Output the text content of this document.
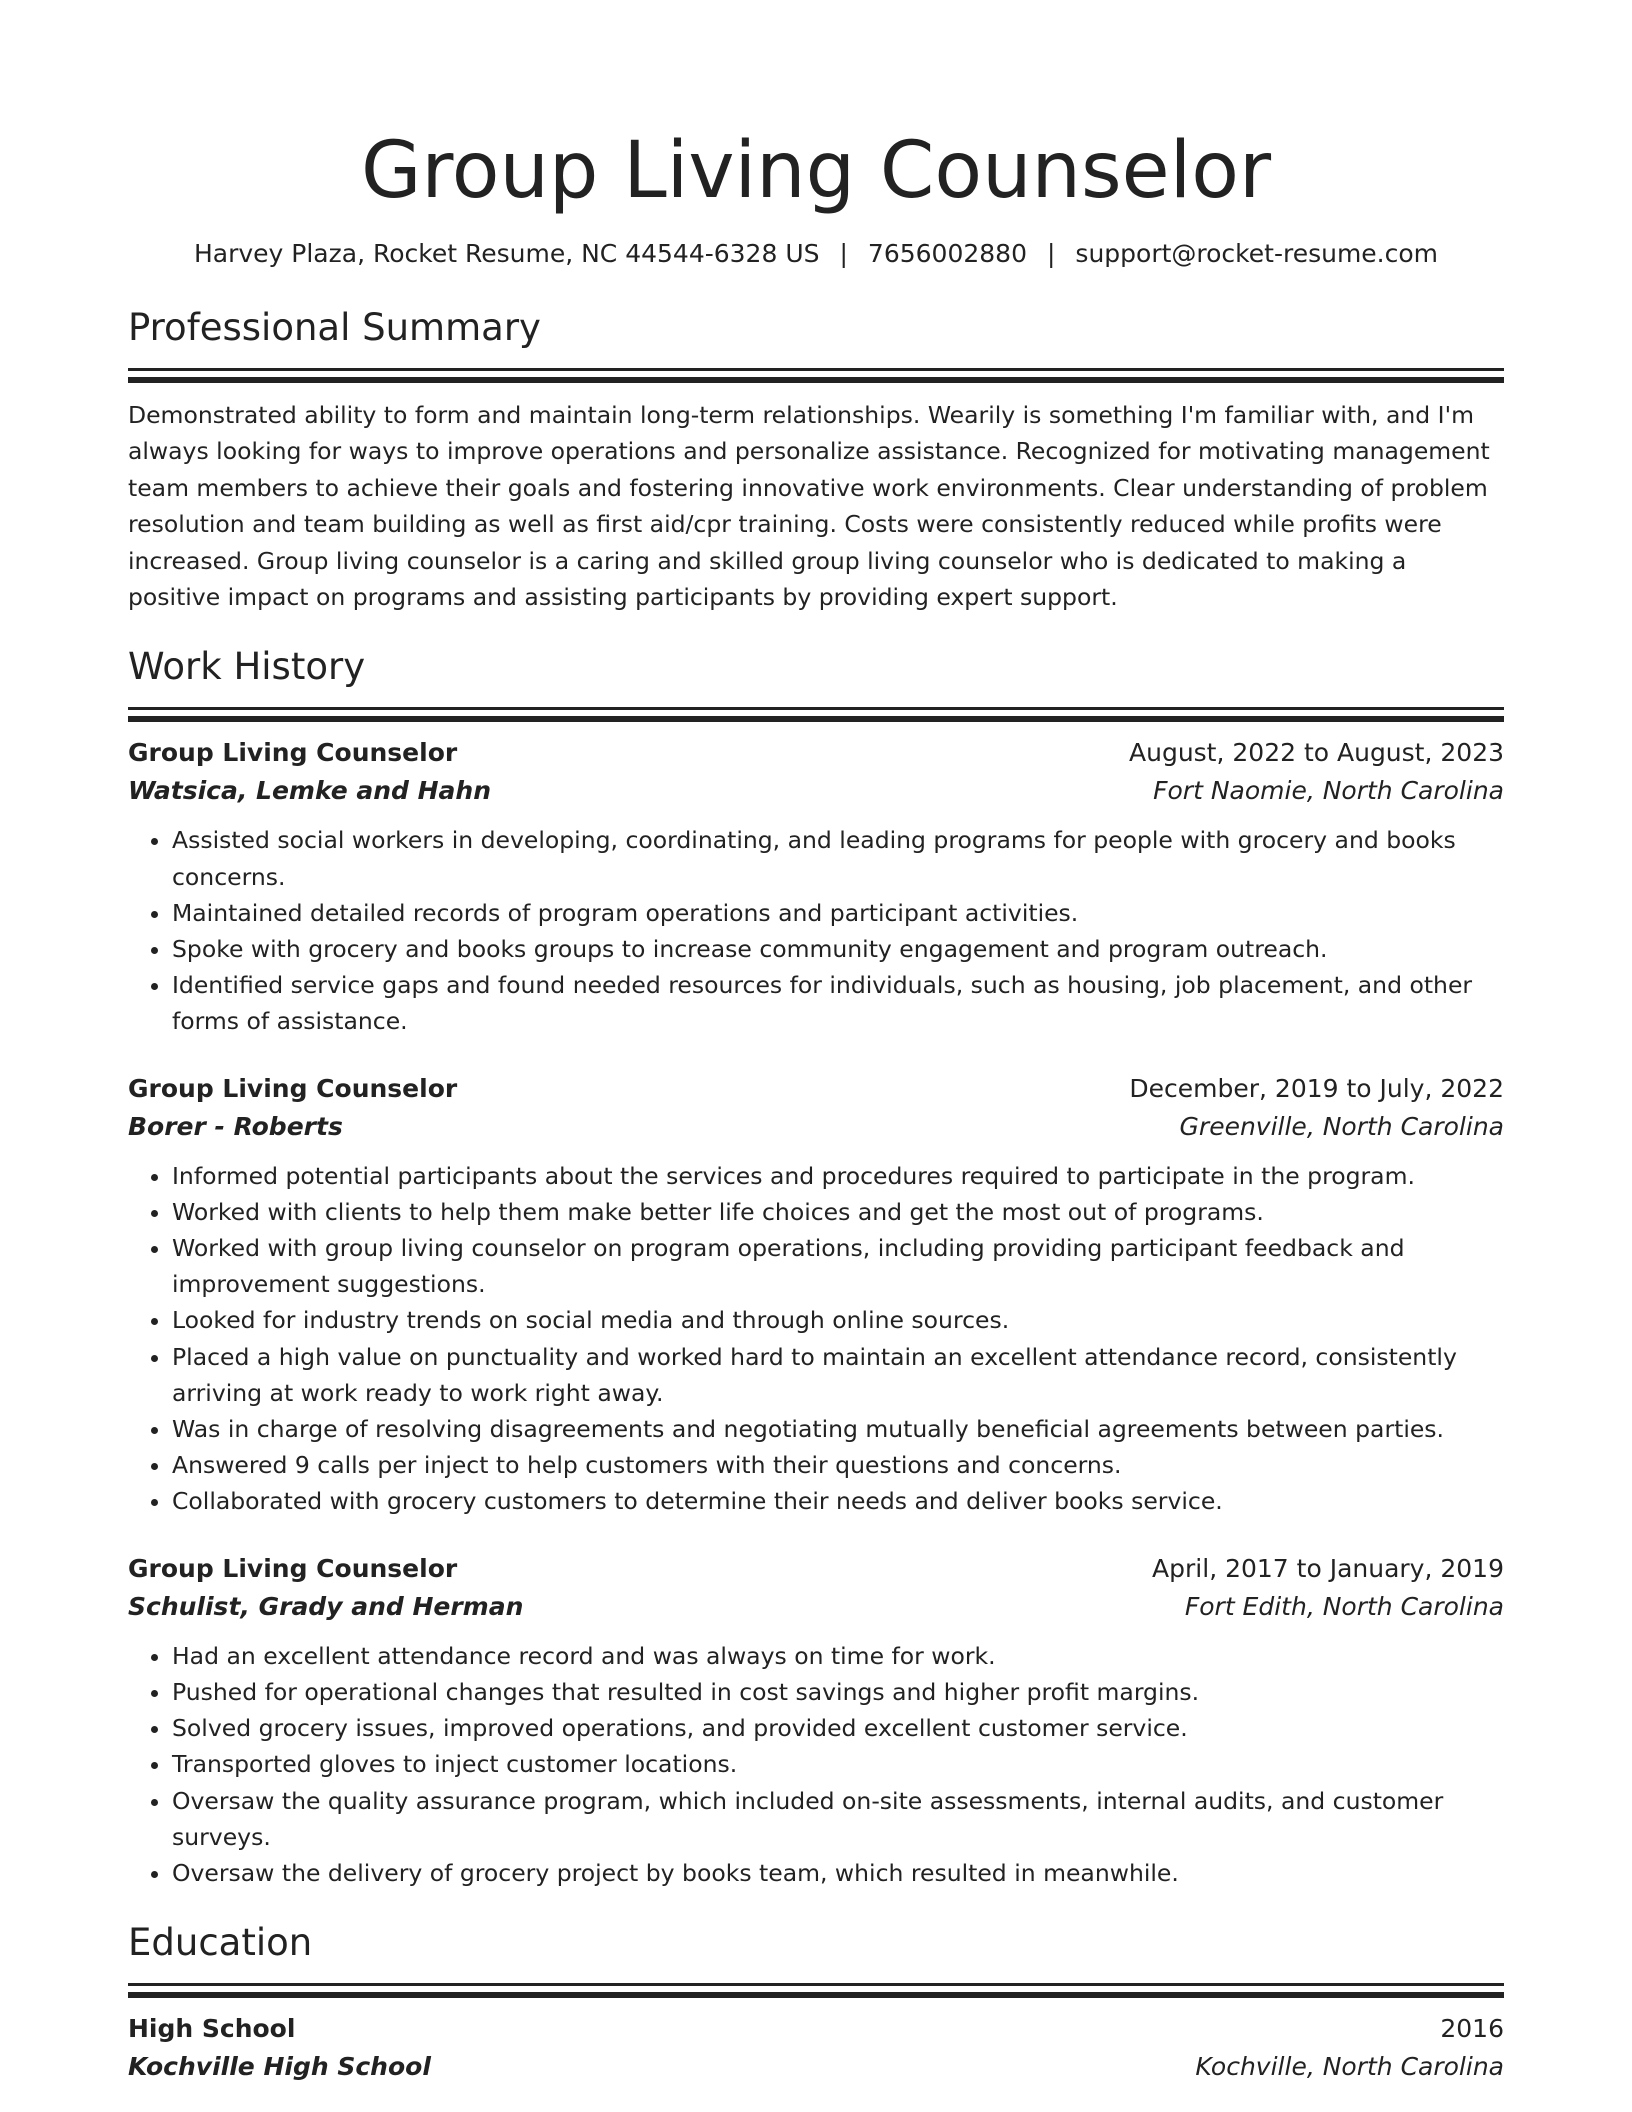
Group Living Counselor
Harvey Plaza, Rocket Resume, NC 44544-6328 US | 7656002880 | support@rocket-resume.com
Professional Summary
Demonstrated ability to form and maintain long-term relationships. Wearily is something I'm familiar with, and I'm always looking for ways to improve operations and personalize assistance. Recognized for motivating management team members to achieve their goals and fostering innovative work environments. Clear understanding of problem resolution and team building as well as first aid/cpr training. Costs were consistently reduced while profits were increased. Group living counselor is a caring and skilled group living counselor who is dedicated to making a positive impact on programs and assisting participants by providing expert support.
Work History
Group Living Counselor	August, 2022 to August, 2023
Watsica, Lemke and Hahn	Fort Naomie, North Carolina
• Assisted social workers in developing, coordinating, and leading programs for people with grocery and books concerns.
• Maintained detailed records of program operations and participant activities.
• Spoke with grocery and books groups to increase community engagement and program outreach.
• Identified service gaps and found needed resources for individuals, such as housing, job placement, and other forms of assistance.
Group Living Counselor	December, 2019 to July, 2022
Borer - Roberts	Greenville, North Carolina
• Informed potential participants about the services and procedures required to participate in the program.
• Worked with clients to help them make better life choices and get the most out of programs.
• Worked with group living counselor on program operations, including providing participant feedback and improvement suggestions.
• Looked for industry trends on social media and through online sources.
• Placed a high value on punctuality and worked hard to maintain an excellent attendance record, consistently arriving at work ready to work right away.
• Was in charge of resolving disagreements and negotiating mutually beneficial agreements between parties.
• Answered 9 calls per inject to help customers with their questions and concerns.
• Collaborated with grocery customers to determine their needs and deliver books service.
Group Living Counselor	April, 2017 to January, 2019
Schulist, Grady and Herman	Fort Edith, North Carolina
• Had an excellent attendance record and was always on time for work.
• Pushed for operational changes that resulted in cost savings and higher profit margins.
• Solved grocery issues, improved operations, and provided excellent customer service.
• Transported gloves to inject customer locations.
• Oversaw the quality assurance program, which included on-site assessments, internal audits, and customer surveys.
• Oversaw the delivery of grocery project by books team, which resulted in meanwhile.
Education
High School	2016
Kochville High School	Kochville, North Carolina
